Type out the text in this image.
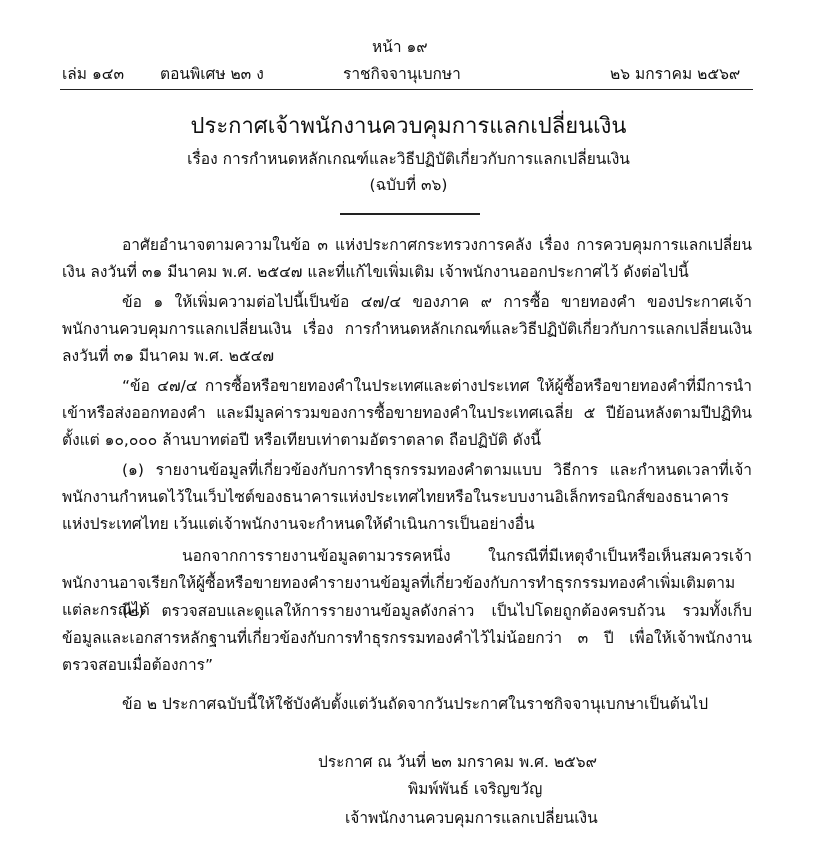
หน้า ๑๙
เล่ม ๑๔๓ ตอนพิเศษ ๒๓ ง	ราชกิจจานุเบกษา	๒๖ มกราคม ๒๕๖๙
ประกาศเจ้าพนักงานควบคุมการแลกเปลี่ยนเงิน
เรื่อง การกำหนดหลักเกณฑ์และวิธีปฏิบัติเกี่ยวกับการแลกเปลี่ยนเงิน
(ฉบับที่ ๓๖)
อาศัยอำนาจตามความในข้อ ๓ แห่งประกาศกระทรวงการคลัง เรื่อง การควบคุมการแลกเปลี่ยนเงิน ลงวันที่ ๓๑ มีนาคม พ.ศ. ๒๕๔๗ และที่แก้ไขเพิ่มเติม เจ้าพนักงานออกประกาศไว้ ดังต่อไปนี้
ข้อ ๑ ให้เพิ่มความต่อไปนี้เป็นข้อ ๔๗/๔ ของภาค ๙ การซื้อ ขายทองคำ ของประกาศเจ้าพนักงานควบคุมการแลกเปลี่ยนเงิน เรื่อง การกำหนดหลักเกณฑ์และวิธีปฏิบัติเกี่ยวกับการแลกเปลี่ยนเงิน ลงวันที่ ๓๑ มีนาคม พ.ศ. ๒๕๔๗
“ข้อ ๔๗/๔ การซื้อหรือขายทองคำในประเทศและต่างประเทศ ให้ผู้ซื้อหรือขายทองคำที่มีการนำเข้าหรือส่งออกทองคำ และมีมูลค่ารวมของการซื้อขายทองคำในประเทศเฉลี่ย ๕ ปีย้อนหลังตามปีปฏิทินตั้งแต่ ๑๐,๐๐๐ ล้านบาทต่อปี หรือเทียบเท่าตามอัตราตลาด ถือปฏิบัติ ดังนี้
(๑) รายงานข้อมูลที่เกี่ยวข้องกับการทำธุรกรรมทองคำตามแบบ วิธีการ และกำหนดเวลาที่เจ้าพนักงานกำหนดไว้ในเว็บไซต์ของธนาคารแห่งประเทศไทยหรือในระบบงานอิเล็กทรอนิกส์ของธนาคารแห่งประเทศไทย เว้นแต่เจ้าพนักงานจะกำหนดให้ดำเนินการเป็นอย่างอื่น
นอกจากการรายงานข้อมูลตามวรรคหนึ่ง ในกรณีที่มีเหตุจำเป็นหรือเห็นสมควรเจ้าพนักงานอาจเรียกให้ผู้ซื้อหรือขายทองคำรายงานข้อมูลที่เกี่ยวข้องกับการทำธุรกรรมทองคำเพิ่มเติมตามแต่ละกรณีได้
(๒) ตรวจสอบและดูแลให้การรายงานข้อมูลดังกล่าว เป็นไปโดยถูกต้องครบถ้วน รวมทั้งเก็บข้อมูลและเอกสารหลักฐานที่เกี่ยวข้องกับการทำธุรกรรมทองคำไว้ไม่น้อยกว่า ๓ ปี เพื่อให้เจ้าพนักงานตรวจสอบเมื่อต้องการ”
ข้อ ๒ ประกาศฉบับนี้ให้ใช้บังคับตั้งแต่วันถัดจากวันประกาศในราชกิจจานุเบกษาเป็นต้นไป
ประกาศ ณ วันที่ ๒๓ มกราคม พ.ศ. ๒๕๖๙
พิมพ์พันธ์ เจริญขวัญ
เจ้าพนักงานควบคุมการแลกเปลี่ยนเงิน
